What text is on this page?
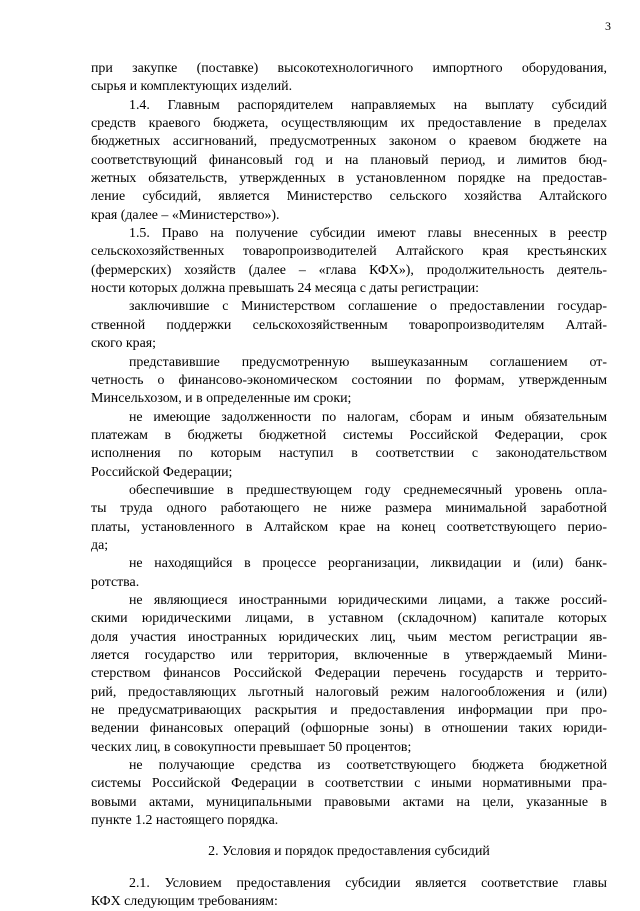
3
при закупке (поставке) высокотехнологичного импортного оборудования,
сырья и комплектующих изделий.
1.4. Главным распорядителем направляемых на выплату субсидий
средств краевого бюджета, осуществляющим их предоставление в пределах
бюджетных ассигнований, предусмотренных законом о краевом бюджете на
соответствующий финансовый год и на плановый период, и лимитов бюд-
жетных обязательств, утвержденных в установленном порядке на предостав-
ление субсидий, является Министерство сельского хозяйства Алтайского
края (далее – «Министерство»).
1.5. Право на получение субсидии имеют главы внесенных в реестр
сельскохозяйственных товаропроизводителей Алтайского края крестьянских
(фермерских) хозяйств (далее – «глава КФХ»), продолжительность деятель-
ности которых должна превышать 24 месяца с даты регистрации:
заключившие с Министерством соглашение о предоставлении государ-
ственной поддержки сельскохозяйственным товаропроизводителям Алтай-
ского края;
представившие предусмотренную вышеуказанным соглашением от-
четность о финансово-экономическом состоянии по формам, утвержденным
Минсельхозом, и в определенные им сроки;
не имеющие задолженности по налогам, сборам и иным обязательным
платежам в бюджеты бюджетной системы Российской Федерации, срок
исполнения по которым наступил в соответствии с законодательством
Российской Федерации;
обеспечившие в предшествующем году среднемесячный уровень опла-
ты труда одного работающего не ниже размера минимальной заработной
платы, установленного в Алтайском крае на конец соответствующего перио-
да;
не находящийся в процессе реорганизации, ликвидации и (или) банк-
ротства.
не являющиеся иностранными юридическими лицами, а также россий-
скими юридическими лицами, в уставном (складочном) капитале которых
доля участия иностранных юридических лиц, чьим местом регистрации яв-
ляется государство или территория, включенные в утверждаемый Мини-
стерством финансов Российской Федерации перечень государств и террито-
рий, предоставляющих льготный налоговый режим налогообложения и (или)
не предусматривающих раскрытия и предоставления информации при про-
ведении финансовых операций (офшорные зоны) в отношении таких юриди-
ческих лиц, в совокупности превышает 50 процентов;
не получающие средства из соответствующего бюджета бюджетной
системы Российской Федерации в соответствии с иными нормативными пра-
вовыми актами, муниципальными правовыми актами на цели, указанные в
пункте 1.2 настоящего порядка.
2. Условия и порядок предоставления субсидий
2.1. Условием предоставления субсидии является соответствие главы
КФХ следующим требованиям:
